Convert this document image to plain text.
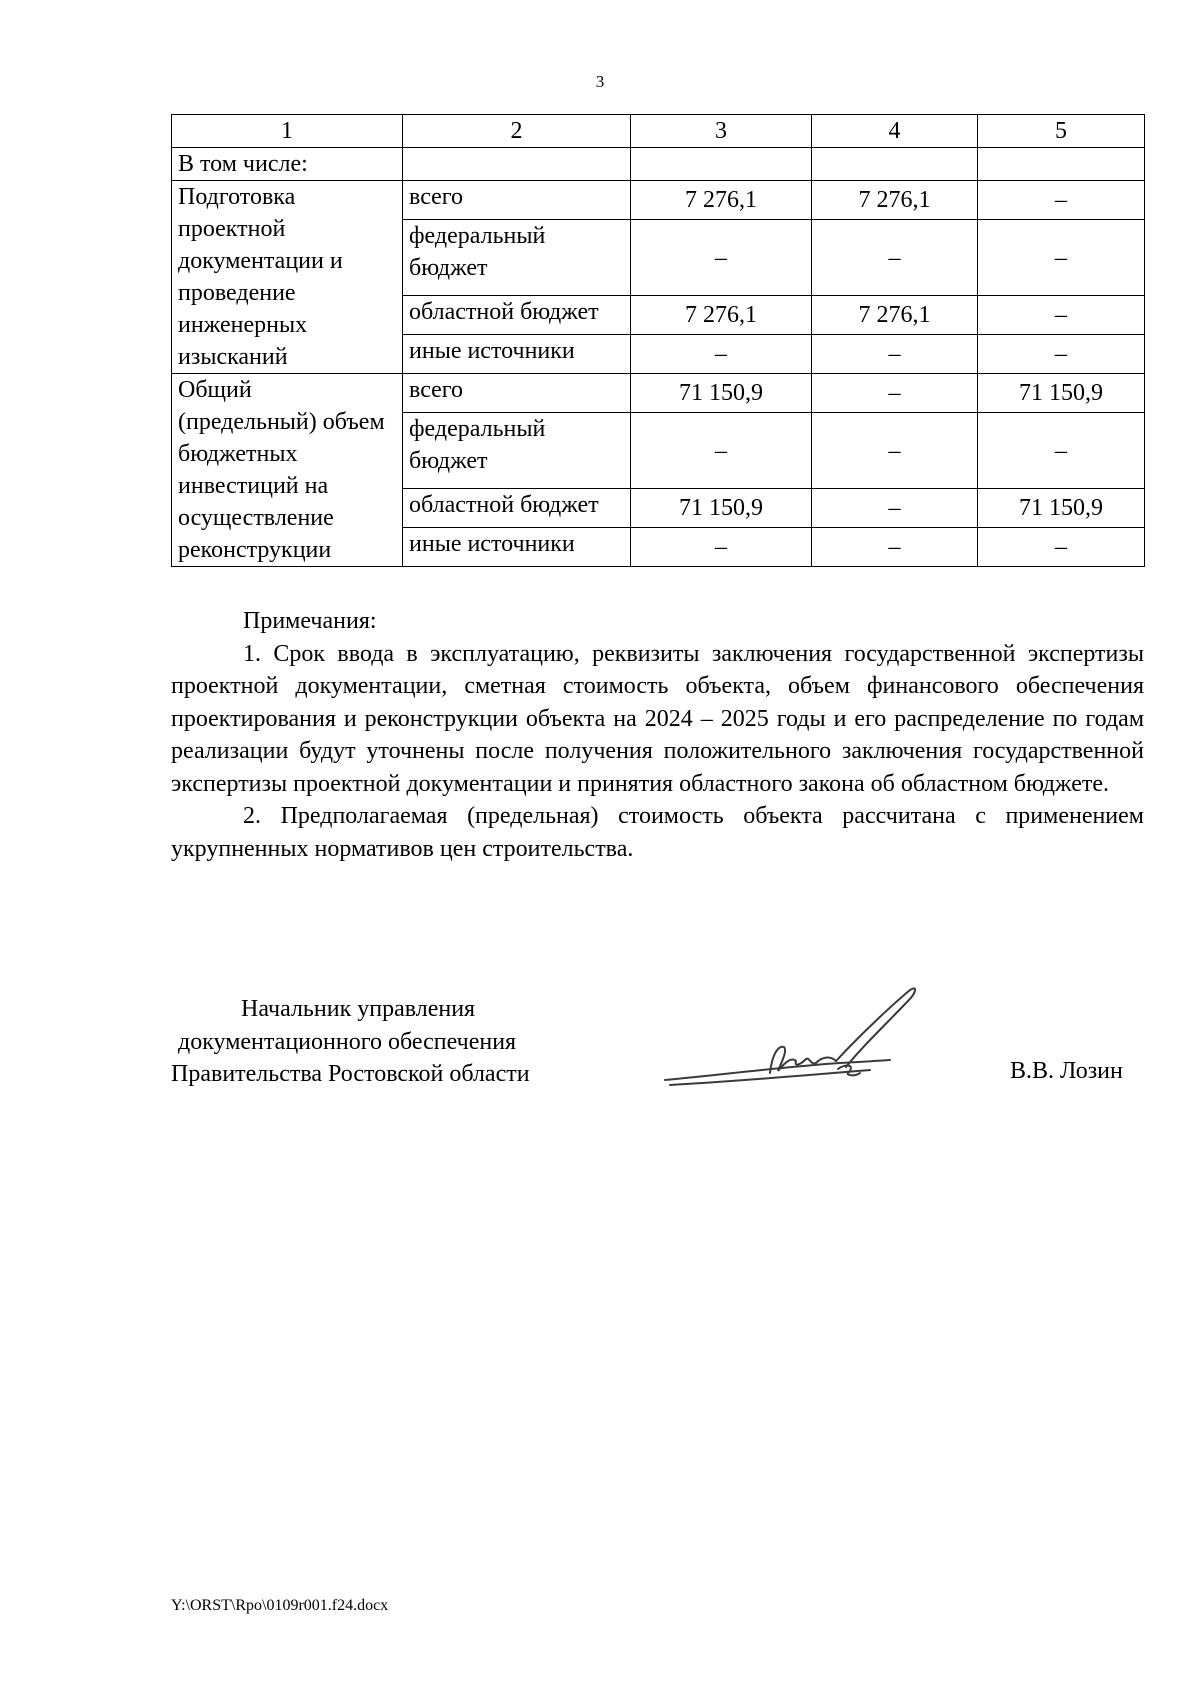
3
1	2	3	4	5
В том числе:				
Подготовка проектной документации и проведение инженерных изысканий	всего	7 276,1	7 276,1	–
	федеральный бюджет	–	–	–
	областной бюджет	7 276,1	7 276,1	–
	иные источники	–	–	–
Общий (предельный) объем бюджетных инвестиций на осуществление реконструкции	всего	71 150,9	–	71 150,9
	федеральный бюджет	–	–	–
	областной бюджет	71 150,9	–	71 150,9
	иные источники	–	–	–

Примечания:

1. Срок ввода в эксплуатацию, реквизиты заключения государственной экспертизы проектной документации, сметная стоимость объекта, объем финансового обеспечения проектирования и реконструкции объекта на 2024 – 2025 годы и его распределение по годам реализации будут уточнены после получения положительного заключения государственной экспертизы проектной документации и принятия областного закона об областном бюджете.

2. Предполагаемая (предельная) стоимость объекта рассчитана с применением укрупненных нормативов цен строительства.

Начальник управления
документационного обеспечения
Правительства Ростовской области	В.В. Лозин
Y:\ORST\Rpo\0109r001.f24.docx
